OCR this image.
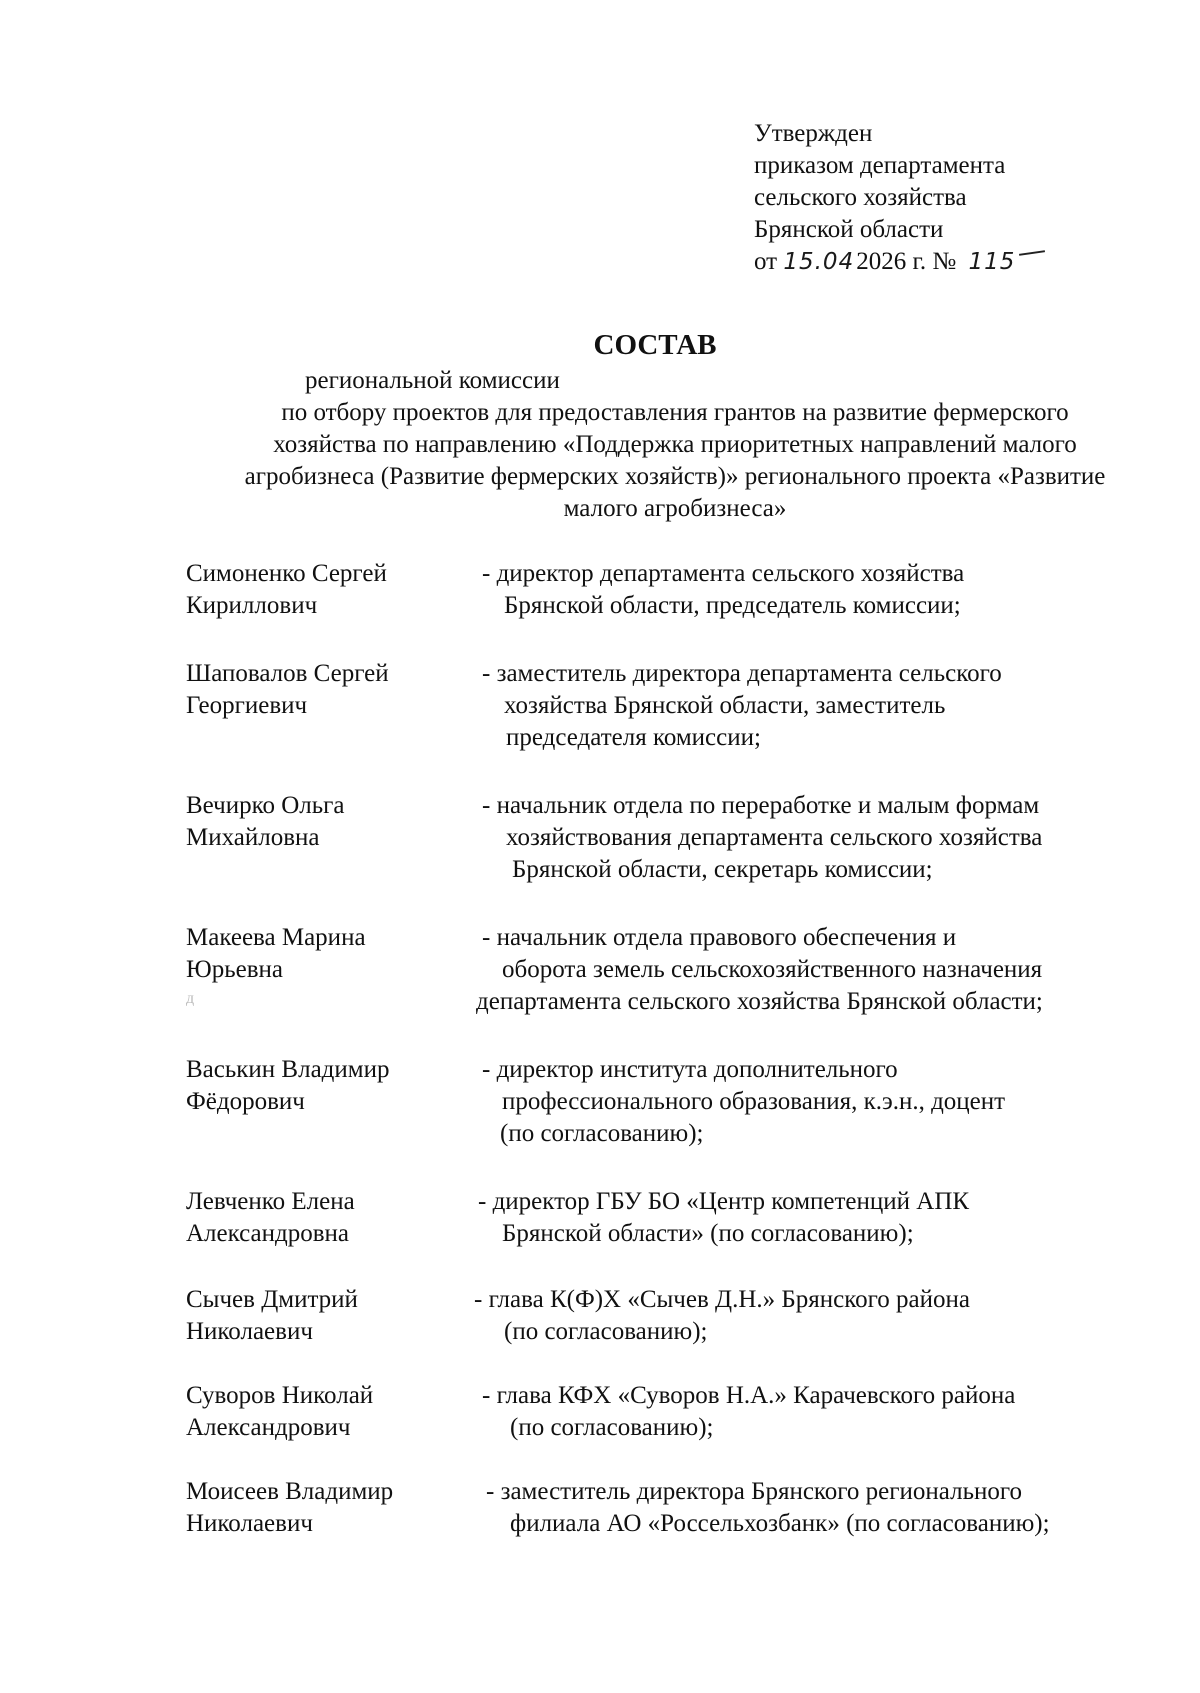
Утвержден
приказом департамента
сельского хозяйства
Брянской области
от 15.042026 г. № 115
СОСТАВ
региональной комиссии
по отбору проектов для предоставления грантов на развитие фермерского
хозяйства по направлению «Поддержка приоритетных направлений малого
агробизнеса (Развитие фермерских хозяйств)» регионального проекта «Развитие
малого агробизнеса»
Симоненко Сергей
Кириллович
- директор департамента сельского хозяйства
Брянской области, председатель комиссии;
Шаповалов Сергей
Георгиевич
- заместитель директора департамента сельского
хозяйства Брянской области, заместитель
председателя комиссии;
Вечирко Ольга
Михайловна
- начальник отдела по переработке и малым формам
хозяйствования департамента сельского хозяйства
Брянской области, секретарь комиссии;
Макеева Марина
Юрьевна
д
- начальник отдела правового обеспечения и
оборота земель сельскохозяйственного назначения
департамента сельского хозяйства Брянской области;
Васькин Владимир
Фёдорович
- директор института дополнительного
профессионального образования, к.э.н., доцент
(по согласованию);
Левченко Елена
Александровна
- директор ГБУ БО «Центр компетенций АПК
Брянской области» (по согласованию);
Сычев Дмитрий
Николаевич
- глава К(Ф)Х «Сычев Д.Н.» Брянского района
(по согласованию);
Суворов Николай
Александрович
- глава КФХ «Суворов Н.А.» Карачевского района
(по согласованию);
Моисеев Владимир
Николаевич
- заместитель директора Брянского регионального
филиала АО «Россельхозбанк» (по согласованию);
